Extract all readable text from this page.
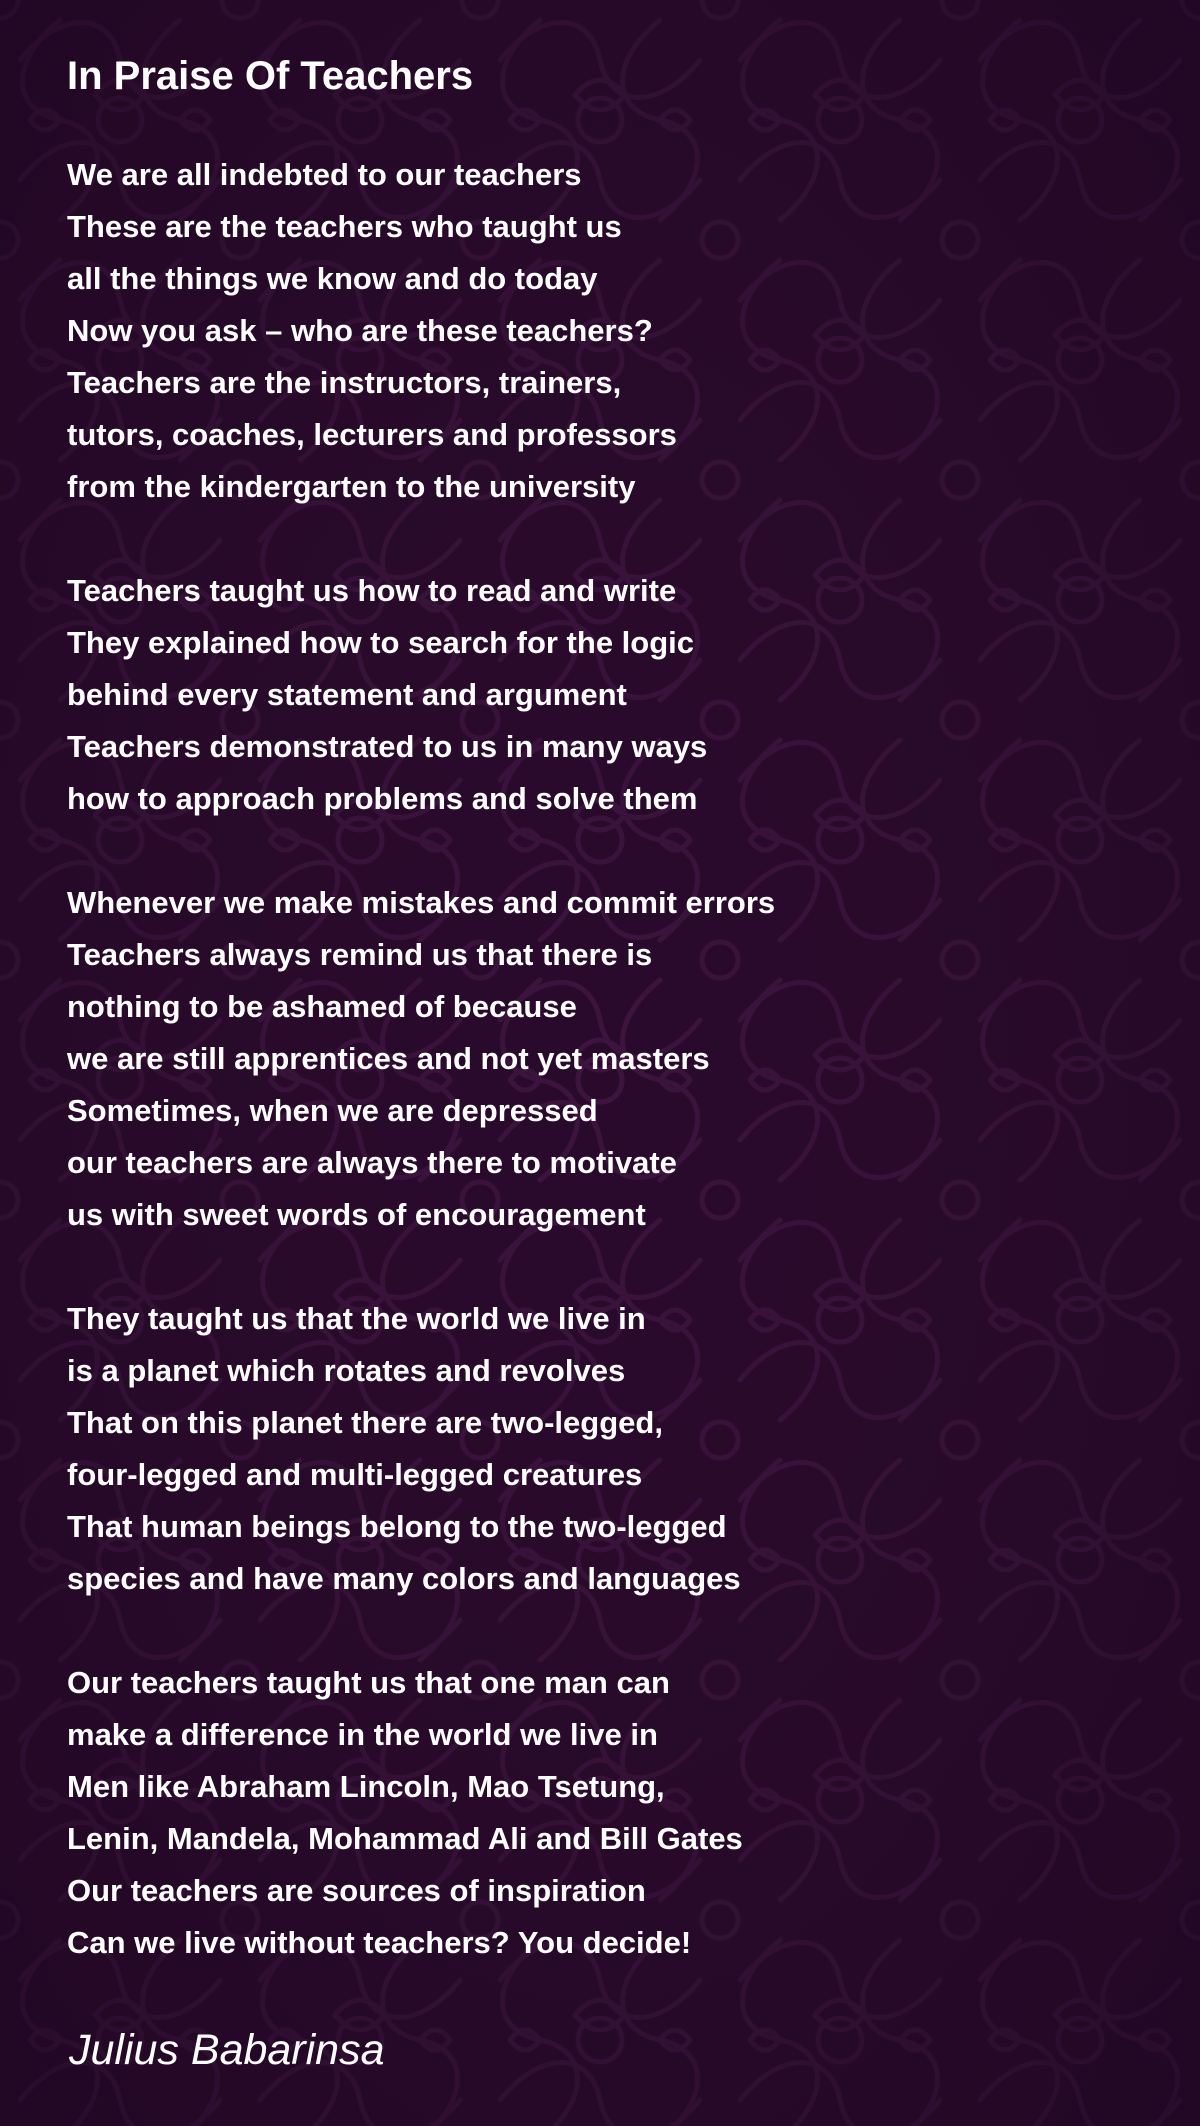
In Praise Of Teachers
We are all indebted to our teachers
These are the teachers who taught us
all the things we know and do today
Now you ask – who are these teachers?
Teachers are the instructors, trainers,
tutors, coaches, lecturers and professors
from the kindergarten to the university
Teachers taught us how to read and write
They explained how to search for the logic
behind every statement and argument
Teachers demonstrated to us in many ways
how to approach problems and solve them
Whenever we make mistakes and commit errors
Teachers always remind us that there is
nothing to be ashamed of because
we are still apprentices and not yet masters
Sometimes, when we are depressed
our teachers are always there to motivate
us with sweet words of encouragement
They taught us that the world we live in
is a planet which rotates and revolves
That on this planet there are two-legged,
four-legged and multi-legged creatures
That human beings belong to the two-legged
species and have many colors and languages
Our teachers taught us that one man can
make a difference in the world we live in
Men like Abraham Lincoln, Mao Tsetung,
Lenin, Mandela, Mohammad Ali and Bill Gates
Our teachers are sources of inspiration
Can we live without teachers? You decide!

Julius Babarinsa
